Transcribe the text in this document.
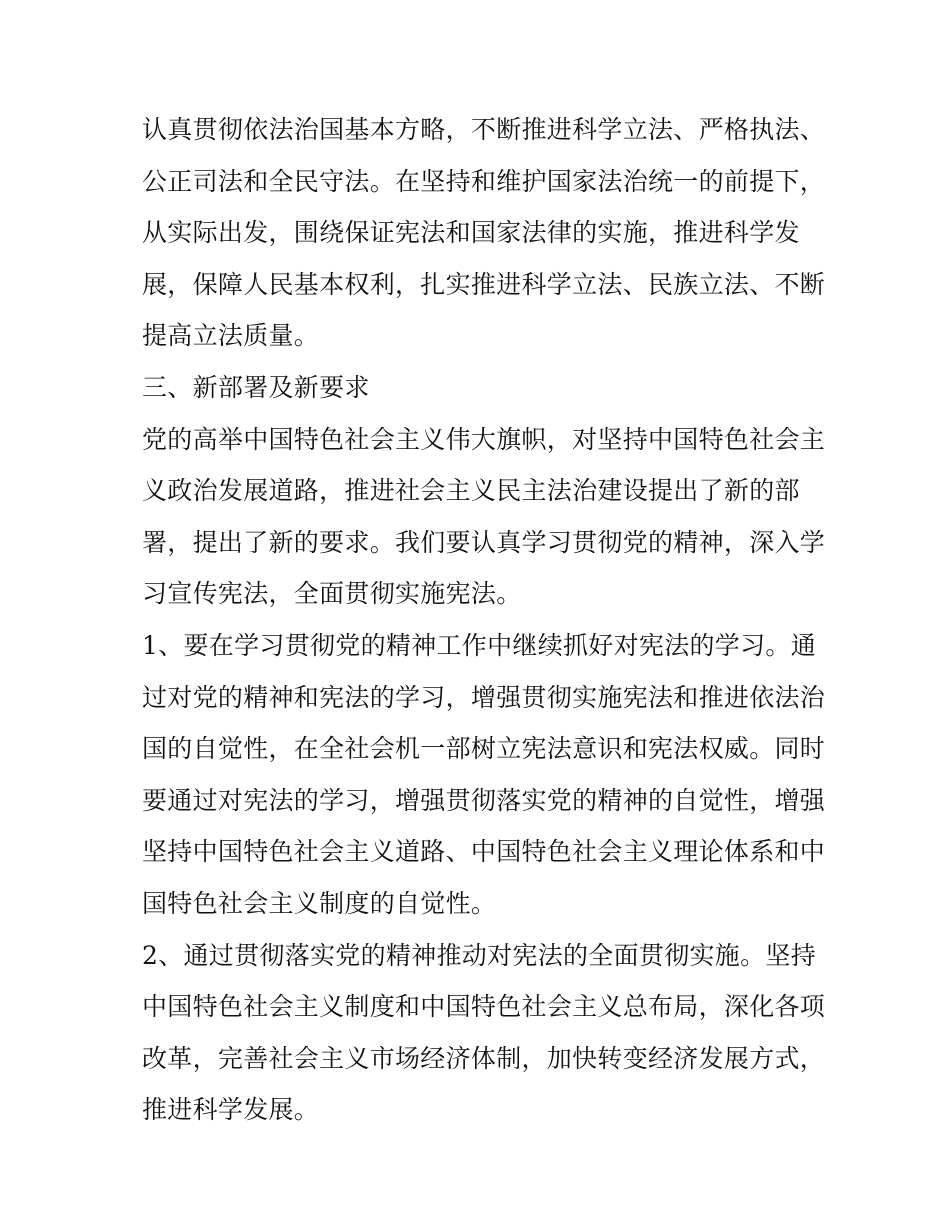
认真贯彻依法治国基本方略，不断推进科学立法、严格执法、
公正司法和全民守法。在坚持和维护国家法治统一的前提下，
从实际出发，围绕保证宪法和国家法律的实施，推进科学发
展，保障人民基本权利，扎实推进科学立法、民族立法、不断
提高立法质量。
三、新部署及新要求
党的高举中国特色社会主义伟大旗帜，对坚持中国特色社会主
义政治发展道路，推进社会主义民主法治建设提出了新的部
署，提出了新的要求。我们要认真学习贯彻党的精神，深入学
习宣传宪法，全面贯彻实施宪法。
1、要在学习贯彻党的精神工作中继续抓好对宪法的学习。通
过对党的精神和宪法的学习，增强贯彻实施宪法和推进依法治
国的自觉性，在全社会机一部树立宪法意识和宪法权威。同时
要通过对宪法的学习，增强贯彻落实党的精神的自觉性，增强
坚持中国特色社会主义道路、中国特色社会主义理论体系和中
国特色社会主义制度的自觉性。
2、通过贯彻落实党的精神推动对宪法的全面贯彻实施。坚持
中国特色社会主义制度和中国特色社会主义总布局，深化各项
改革，完善社会主义市场经济体制，加快转变经济发展方式，
推进科学发展。
